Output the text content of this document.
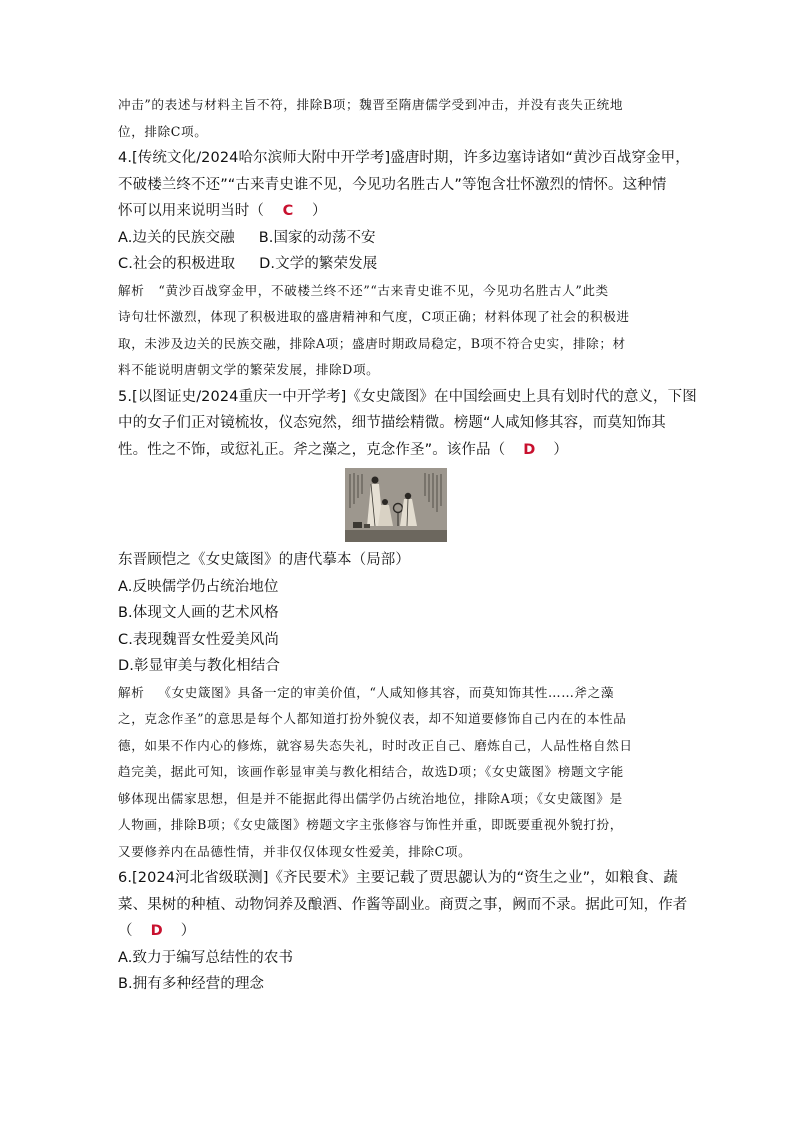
冲击”的表述与材料主旨不符，排除B项；魏晋至隋唐儒学受到冲击，并没有丧失正统地
位，排除C项。
4.[传统文化/2024哈尔滨师大附中开学考]盛唐时期，许多边塞诗诸如“黄沙百战穿金甲，
不破楼兰终不还”“古来青史谁不见，今见功名胜古人”等饱含壮怀激烈的情怀。这种情
怀可以用来说明当时（ C ）
A.边关的民族交融 B.国家的动荡不安
C.社会的积极进取 D.文学的繁荣发展
解析 “黄沙百战穿金甲，不破楼兰终不还”“古来青史谁不见，今见功名胜古人”此类
诗句壮怀激烈，体现了积极进取的盛唐精神和气度，C项正确；材料体现了社会的积极进
取，未涉及边关的民族交融，排除A项；盛唐时期政局稳定，B项不符合史实，排除；材
料不能说明唐朝文学的繁荣发展，排除D项。
5.[以图证史/2024重庆一中开学考]《女史箴图》在中国绘画史上具有划时代的意义，下图
中的女子们正对镜梳妆，仪态宛然，细节描绘精微。榜题“人咸知修其容，而莫知饰其
性。性之不饰，或愆礼正。斧之藻之，克念作圣”。该作品（ D ）
东晋顾恺之《女史箴图》的唐代摹本（局部）
A.反映儒学仍占统治地位
B.体现文人画的艺术风格
C.表现魏晋女性爱美风尚
D.彰显审美与教化相结合
解析 《女史箴图》具备一定的审美价值，“人咸知修其容，而莫知饰其性……斧之藻
之，克念作圣”的意思是每个人都知道打扮外貌仪表，却不知道要修饰自己内在的本性品
德，如果不作内心的修炼，就容易失态失礼，时时改正自己、磨炼自己，人品性格自然日
趋完美，据此可知，该画作彰显审美与教化相结合，故选D项；《女史箴图》榜题文字能
够体现出儒家思想，但是并不能据此得出儒学仍占统治地位，排除A项；《女史箴图》是
人物画，排除B项；《女史箴图》榜题文字主张修容与饰性并重，即既要重视外貌打扮，
又要修养内在品德性情，并非仅仅体现女性爱美，排除C项。
6.[2024河北省级联测]《齐民要术》主要记载了贾思勰认为的“资生之业”，如粮食、蔬
菜、果树的种植、动物饲养及酿酒、作酱等副业。商贾之事，阙而不录。据此可知，作者
（ D ）
A.致力于编写总结性的农书
B.拥有多种经营的理念
